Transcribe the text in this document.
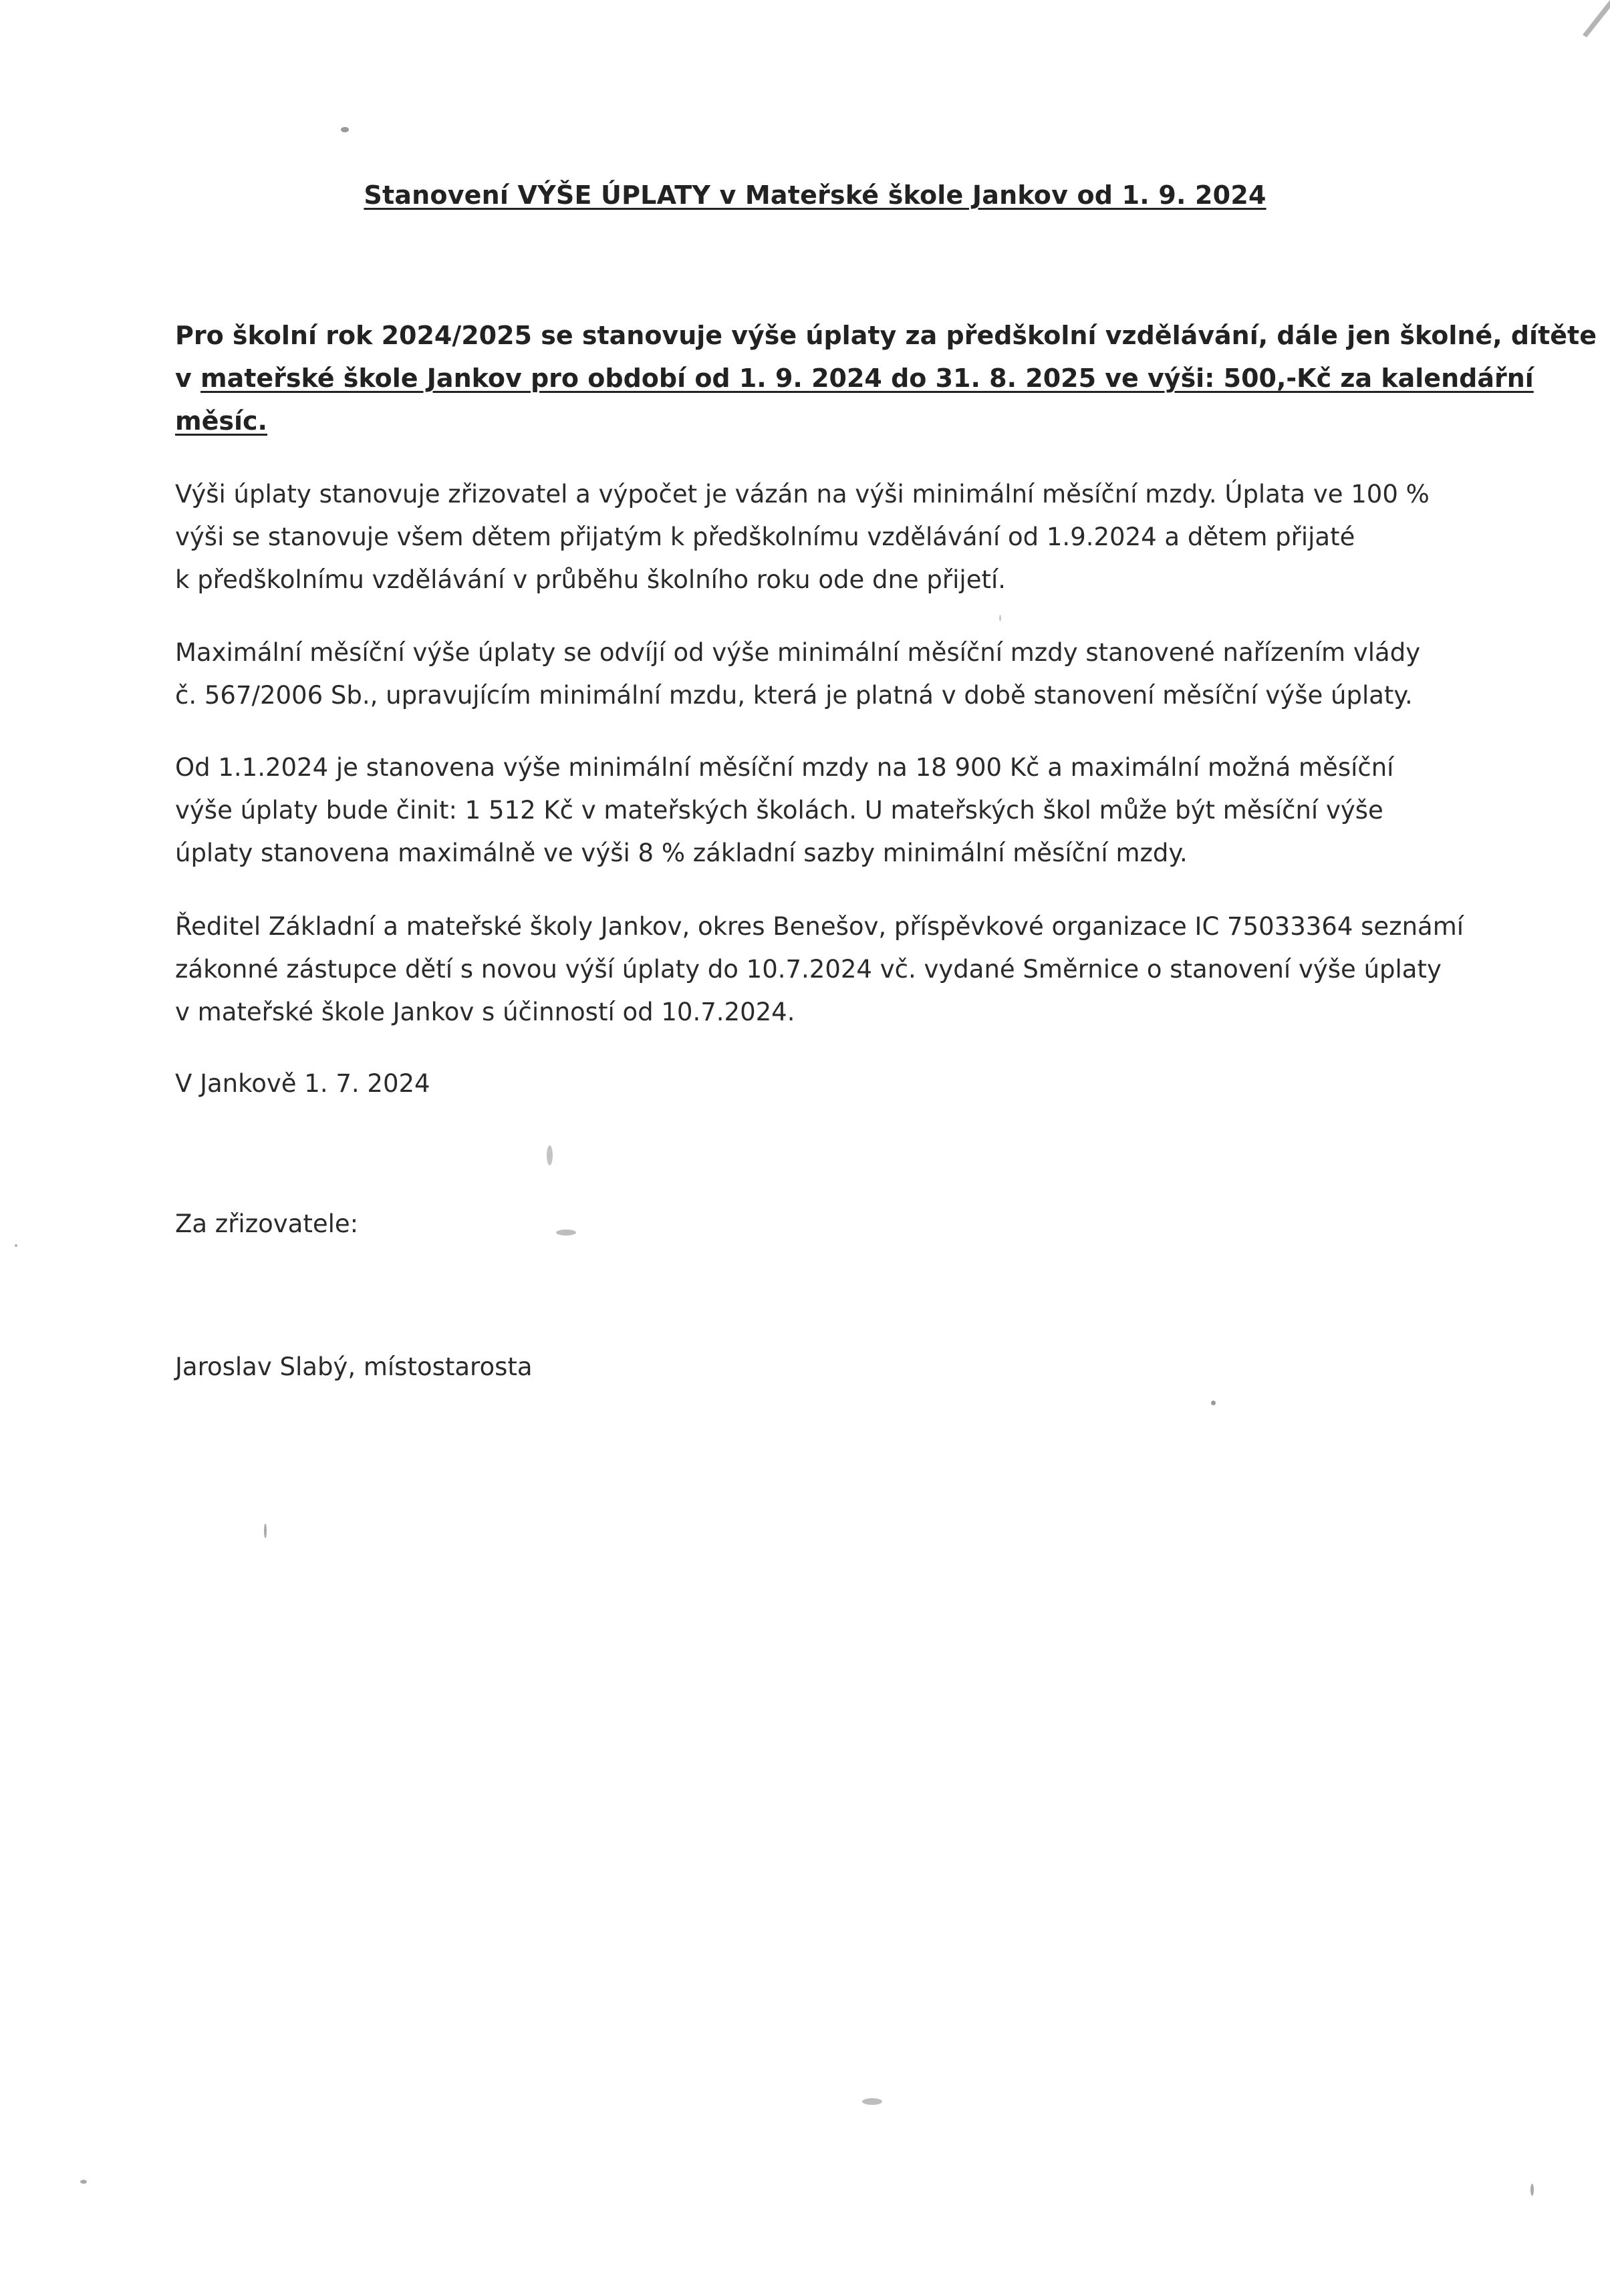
Stanovení VÝŠE ÚPLATY v Mateřské škole Jankov od 1. 9. 2024
Pro školní rok 2024/2025 se stanovuje výše úplaty za předškolní vzdělávání, dále jen školné, dítěte
v mateřské škole Jankov pro období od 1. 9. 2024 do 31. 8. 2025 ve výši: 500,-Kč za kalendářní
měsíc.
Výši úplaty stanovuje zřizovatel a výpočet je vázán na výši minimální měsíční mzdy. Úplata ve 100 %
výši se stanovuje všem dětem přijatým k předškolnímu vzdělávání od 1.9.2024 a dětem přijaté
k předškolnímu vzdělávání v průběhu školního roku ode dne přijetí.
Maximální měsíční výše úplaty se odvíjí od výše minimální měsíční mzdy stanovené nařízením vlády
č. 567/2006 Sb., upravujícím minimální mzdu, která je platná v době stanovení měsíční výše úplaty.
Od 1.1.2024 je stanovena výše minimální měsíční mzdy na 18 900 Kč a maximální možná měsíční
výše úplaty bude činit: 1 512 Kč v mateřských školách. U mateřských škol může být měsíční výše
úplaty stanovena maximálně ve výši 8 % základní sazby minimální měsíční mzdy.
Ředitel Základní a mateřské školy Jankov, okres Benešov, příspěvkové organizace IC 75033364 seznámí
zákonné zástupce dětí s novou výší úplaty do 10.7.2024 vč. vydané Směrnice o stanovení výše úplaty
v mateřské škole Jankov s účinností od 10.7.2024.
V Jankově 1. 7. 2024
Za zřizovatele:
Jaroslav Slabý, místostarosta
